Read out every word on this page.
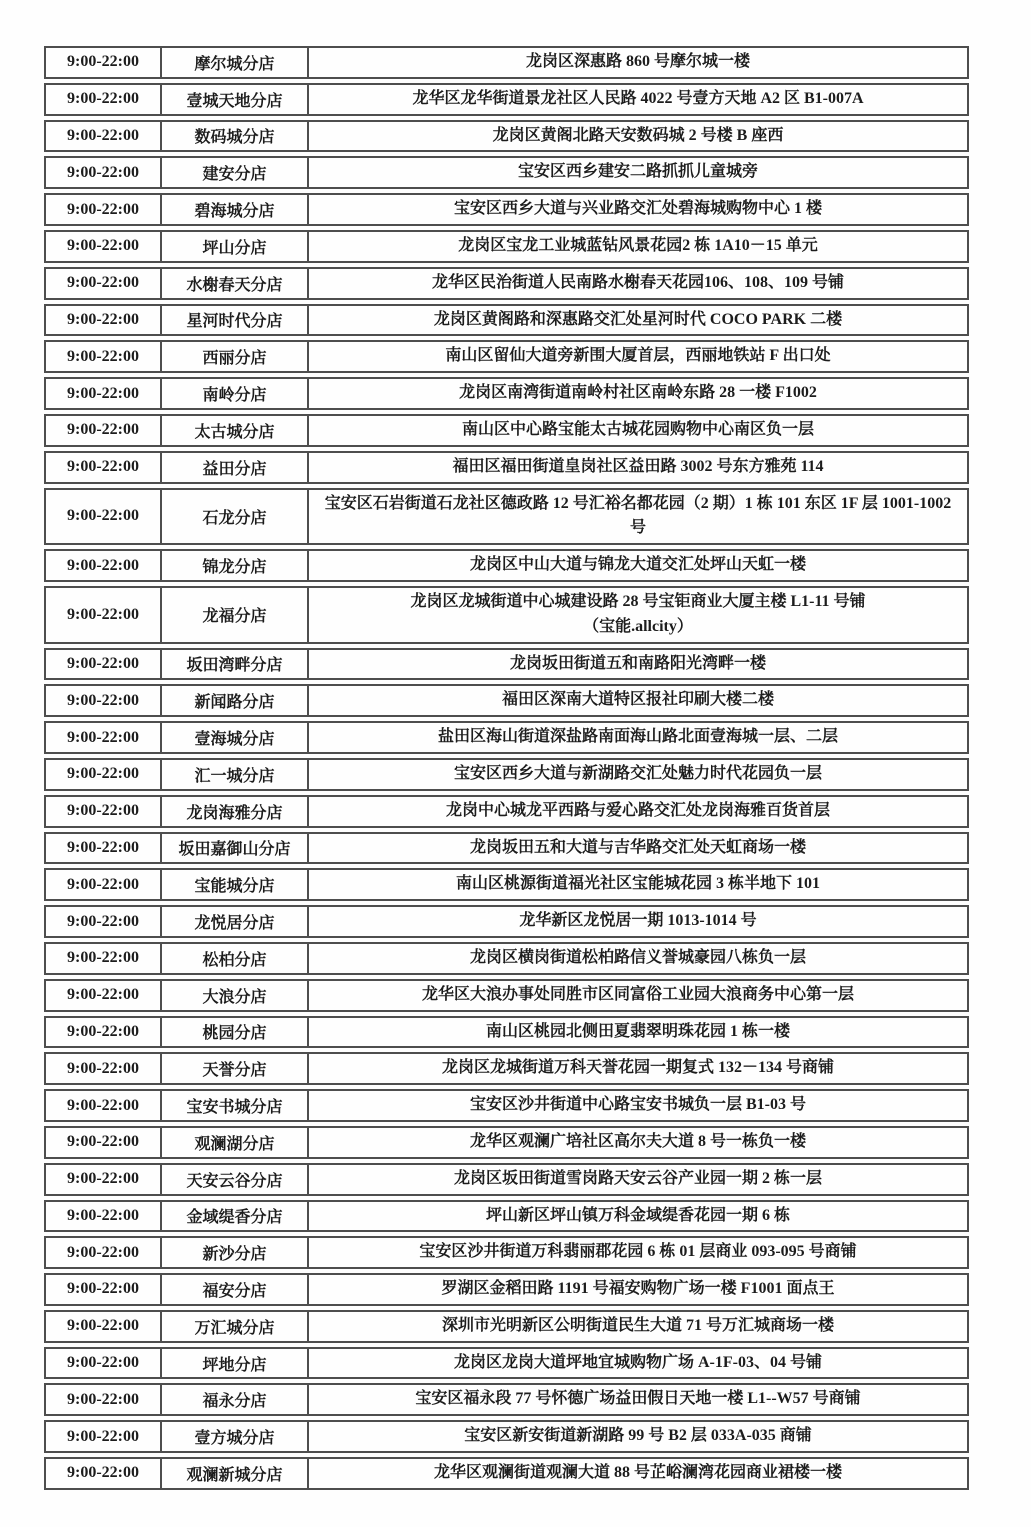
9:00-22:00	摩尔城分店	龙岗区深惠路 860 号摩尔城一楼

9:00-22:00	壹城天地分店	龙华区龙华街道景龙社区人民路 4022 号壹方天地 A2 区 B1-007A

9:00-22:00	数码城分店	龙岗区黄阁北路天安数码城 2 号楼 B 座西

9:00-22:00	建安分店	宝安区西乡建安二路抓抓儿童城旁

9:00-22:00	碧海城分店	宝安区西乡大道与兴业路交汇处碧海城购物中心 1 楼

9:00-22:00	坪山分店	龙岗区宝龙工业城蓝钻风景花园2 栋 1A10－15 单元

9:00-22:00	水榭春天分店	龙华区民治街道人民南路水榭春天花园106、108、109 号铺

9:00-22:00	星河时代分店	龙岗区黄阁路和深惠路交汇处星河时代 COCO PARK 二楼

9:00-22:00	西丽分店	南山区留仙大道旁新围大厦首层，西丽地铁站 F 出口处

9:00-22:00	南岭分店	龙岗区南湾街道南岭村社区南岭东路 28 一楼 F1002

9:00-22:00	太古城分店	南山区中心路宝能太古城花园购物中心南区负一层

9:00-22:00	益田分店	福田区福田街道皇岗社区益田路 3002 号东方雅苑 114

9:00-22:00	石龙分店	宝安区石岩街道石龙社区德政路 12 号汇裕名都花园（2 期）1 栋 101 东区 1F 层 1001-1002 号

9:00-22:00	锦龙分店	龙岗区中山大道与锦龙大道交汇处坪山天虹一楼

9:00-22:00	龙福分店	龙岗区龙城街道中心城建设路 28 号宝钜商业大厦主楼 L1-11 号铺
（宝能.allcity）

9:00-22:00	坂田湾畔分店	龙岗坂田街道五和南路阳光湾畔一楼

9:00-22:00	新闻路分店	福田区深南大道特区报社印刷大楼二楼

9:00-22:00	壹海城分店	盐田区海山街道深盐路南面海山路北面壹海城一层、二层

9:00-22:00	汇一城分店	宝安区西乡大道与新湖路交汇处魅力时代花园负一层

9:00-22:00	龙岗海雅分店	龙岗中心城龙平西路与爱心路交汇处龙岗海雅百货首层

9:00-22:00	坂田嘉御山分店	龙岗坂田五和大道与吉华路交汇处天虹商场一楼

9:00-22:00	宝能城分店	南山区桃源街道福光社区宝能城花园 3 栋半地下 101

9:00-22:00	龙悦居分店	龙华新区龙悦居一期 1013-1014 号

9:00-22:00	松柏分店	龙岗区横岗街道松柏路信义誉城豪园八栋负一层

9:00-22:00	大浪分店	龙华区大浪办事处同胜市区同富俗工业园大浪商务中心第一层

9:00-22:00	桃园分店	南山区桃园北侧田夏翡翠明珠花园 1 栋一楼

9:00-22:00	天誉分店	龙岗区龙城街道万科天誉花园一期复式 132－134 号商铺

9:00-22:00	宝安书城分店	宝安区沙井街道中心路宝安书城负一层 B1-03 号

9:00-22:00	观澜湖分店	龙华区观澜广培社区高尔夫大道 8 号一栋负一楼

9:00-22:00	天安云谷分店	龙岗区坂田街道雪岗路天安云谷产业园一期 2 栋一层

9:00-22:00	金域缇香分店	坪山新区坪山镇万科金域缇香花园一期 6 栋

9:00-22:00	新沙分店	宝安区沙井街道万科翡丽郡花园 6 栋 01 层商业 093-095 号商铺

9:00-22:00	福安分店	罗湖区金稻田路 1191 号福安购物广场一楼 F1001 面点王

9:00-22:00	万汇城分店	深圳市光明新区公明街道民生大道 71 号万汇城商场一楼

9:00-22:00	坪地分店	龙岗区龙岗大道坪地宜城购物广场 A-1F-03、04 号铺

9:00-22:00	福永分店	宝安区福永段 77 号怀德广场益田假日天地一楼 L1--W57 号商铺

9:00-22:00	壹方城分店	宝安区新安街道新湖路 99 号 B2 层 033A-035 商铺

9:00-22:00	观澜新城分店	龙华区观澜街道观澜大道 88 号芷峪澜湾花园商业裙楼一楼
